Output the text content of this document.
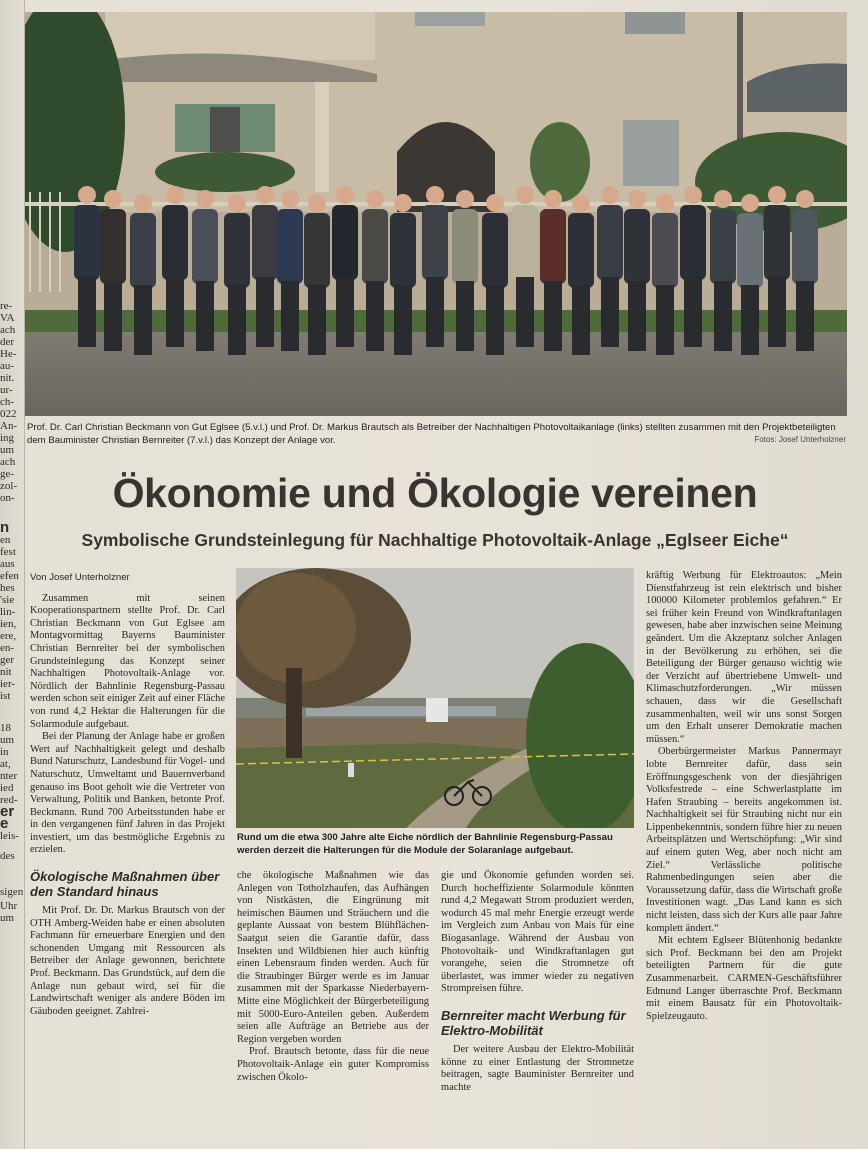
re-
VA
ach
der
He-
au-
nit.
ur-
ch-
022
An-
ing
um
ach
ge-
zol-
on-
n
en
fest
aus
efen
hes
'sie
lin-
ien,
ere,
en-
ger
nit
ier-
ist
18
um
in
at,
nter
ied
red-
er
e
leis-
des
sigen
Uhr
um
Prof. Dr. Carl Christian Beckmann von Gut Eglsee (5.v.l.) und Prof. Dr. Markus Brautsch als Betreiber der Nachhaltigen Photovoltaikanlage (links) stellten zusammen mit den Projektbeteiligten dem Bauminister Christian Bernreiter (7.v.l.) das Konzept der Anlage vor.	Fotos: Josef Unterholzner
Ökonomie und Ökologie vereinen
Symbolische Grundsteinlegung für Nachhaltige Photovoltaik-Anlage „Eglseer Eiche“
Von Josef Unterholzner

Zusammen mit seinen Kooperationspartnern stellte Prof. Dr. Carl Christian Beckmann von Gut Eglsee am Montagvormittag Bayerns Bauminister Christian Bernreiter bei der symbolischen Grundsteinlegung das Konzept seiner Nachhaltigen Photovoltaik-Anlage vor. Nördlich der Bahnlinie Regensburg-Passau werden schon seit einiger Zeit auf einer Fläche von rund 4,2 Hektar die Halterungen für die Solarmodule aufgebaut.

Bei der Planung der Anlage habe er großen Wert auf Nachhaltigkeit gelegt und deshalb Bund Naturschutz, Landesbund für Vogel- und Naturschutz, Umweltamt und Bauernverband genauso ins Boot geholt wie die Vertreter von Verwaltung, Politik und Banken, betonte Prof. Beckmann. Rund 700 Arbeitsstunden habe er in den vergangenen fünf Jahren in das Projekt investiert, um das bestmögliche Ergebnis zu erzielen.

Ökologische Maßnahmen über den Standard hinaus

Mit Prof. Dr. Dr. Markus Brautsch von der OTH Amberg-Weiden habe er einen absoluten Fachmann für erneuerbare Energien und den schonenden Umgang mit Ressourcen als Betreiber der Anlage gewonnen, berichtete Prof. Beckmann. Das Grundstück, auf dem die Anlage nun gebaut wird, sei für die Landwirtschaft weniger als andere Böden im Gäuboden geeignet. Zahlrei-

Rund um die etwa 300 Jahre alte Eiche nördlich der Bahnlinie Regensburg-Passau werden derzeit die Halterungen für die Module der Solaranlage aufgebaut.

che ökologische Maßnahmen wie das Anlegen von Totholzhaufen, das Aufhängen von Nistkästen, die Eingrünung mit heimischen Bäumen und Sträuchern und die geplante Aussaat von bestem Blühflächen-Saatgut seien die Garantie dafür, dass Insekten und Wildbienen hier auch künftig einen Lebensraum finden werden. Auch für die Straubinger Bürger werde es im Januar zusammen mit der Sparkasse Niederbayern-Mitte eine Möglichkeit der Bürgerbeteiligung mit 5000-Euro-Anteilen geben. Außerdem seien alle Aufträge an Betriebe aus der Region vergeben worden

Prof. Brautsch betonte, dass für die neue Photovoltaik-Anlage ein guter Kompromiss zwischen Ökolo-

gie und Ökonomie gefunden worden sei. Durch hocheffiziente Solarmodule könnten rund 4,2 Megawatt Strom produziert werden, wodurch 45 mal mehr Energie erzeugt werde im Vergleich zum Anbau von Mais für eine Biogasanlage. Während der Ausbau von Photovoltaik- und Windkraftanlagen gut vorangehe, seien die Stromnetze oft überlastet, was immer wieder zu negativen Strompreisen führe.

Bernreiter macht Werbung für Elektro-Mobilität

Der weitere Ausbau der Elektro-Mobilität könne zu einer Entlastung der Stromnetze beitragen, sagte Bauminister Bernreiter und machte

kräftig Werbung für Elektroautos: „Mein Dienstfahrzeug ist rein elektrisch und bisher 100000 Kilometer problemlos gefahren.“ Er sei früher kein Freund von Windkraftanlagen gewesen, habe aber inzwischen seine Meinung geändert. Um die Akzeptanz solcher Anlagen in der Bevölkerung zu erhöhen, sei die Beteiligung der Bürger genauso wichtig wie der Verzicht auf übertriebene Umwelt- und Klimaschutzforderungen. „Wir müssen schauen, dass wir die Gesellschaft zusammenhalten, weil wir uns sonst Sorgen um den Erhalt unserer Demokratie machen müssen.“

Oberbürgermeister Markus Pannermayr lobte Bernreiter dafür, dass sein Eröffnungsgeschenk von der diesjährigen Volksfestrede – eine Schwerlastplatte im Hafen Straubing – bereits angekommen ist. Nachhaltigkeit sei für Straubing nicht nur ein Lippenbekenntnis, sondern führe hier zu neuen Arbeitsplätzen und Wertschöpfung: „Wir sind auf einem guten Weg, aber noch nicht am Ziel.“ Verlässliche politische Rahmenbedingungen seien aber die Voraussetzung dafür, dass die Wirtschaft große Investitionen wagt. „Das Land kann es sich nicht leisten, dass sich der Kurs alle paar Jahre komplett ändert.“

Mit echtem Eglseer Blütenhonig bedankte sich Prof. Beckmann bei den am Projekt beteiligten Partnern für die gute Zusammenarbeit. CARMEN-Geschäftsführer Edmund Langer überraschte Prof. Beckmann mit einem Bausatz für ein Photovoltaik-Spielzeugauto.
